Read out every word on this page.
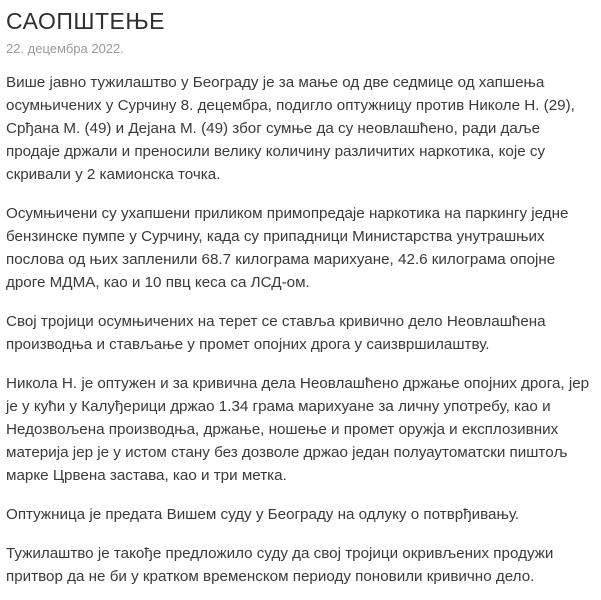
САОПШТЕЊЕ
22. децембра 2022.

Више јавно тужилаштво у Београду је за мање од две седмице од хапшења осумњичених у Сурчину 8. децембра, подигло оптужницу против Николе Н. (29), Срђана М. (49) и Дејана М. (49) због сумње да су неовлашћено, ради даље продаје држали и преносили велику количину различитих наркотика, које су скривали у 2 камионска точка.

Осумњичени су ухапшени приликом примопредаје наркотика на паркингу једне бензинске пумпе у Сурчину, када су припадници Министарства унутрашњих послова од њих запленили 68.7 килограма марихуане, 42.6 килограма опојне дроге МДМА, као и 10 пвц кеса са ЛСД-ом.

Свој тројици осумњичених на терет се ставља кривично дело Неовлашћена производња и стављање у промет опојних дрога у саизвршилаштву.

Никола Н. је оптужен и за кривична дела Неовлашћено држање опојних дрога, јер је у кући у Калуђерици држао 1.34 грама марихуане за личну употребу, као и Недозвољена производња, држање, ношење и промет оружја и експлозивних материја јер је у истом стану без дозволе држао један полуаутоматски пиштољ марке Црвена застава, као и три метка.

Оптужница је предата Вишем суду у Београду на одлуку о потврђивању.

Тужилаштво је такође предложило суду да свој тројици окривљених продужи притвор да не би у кратком временском периоду поновили кривично дело.
